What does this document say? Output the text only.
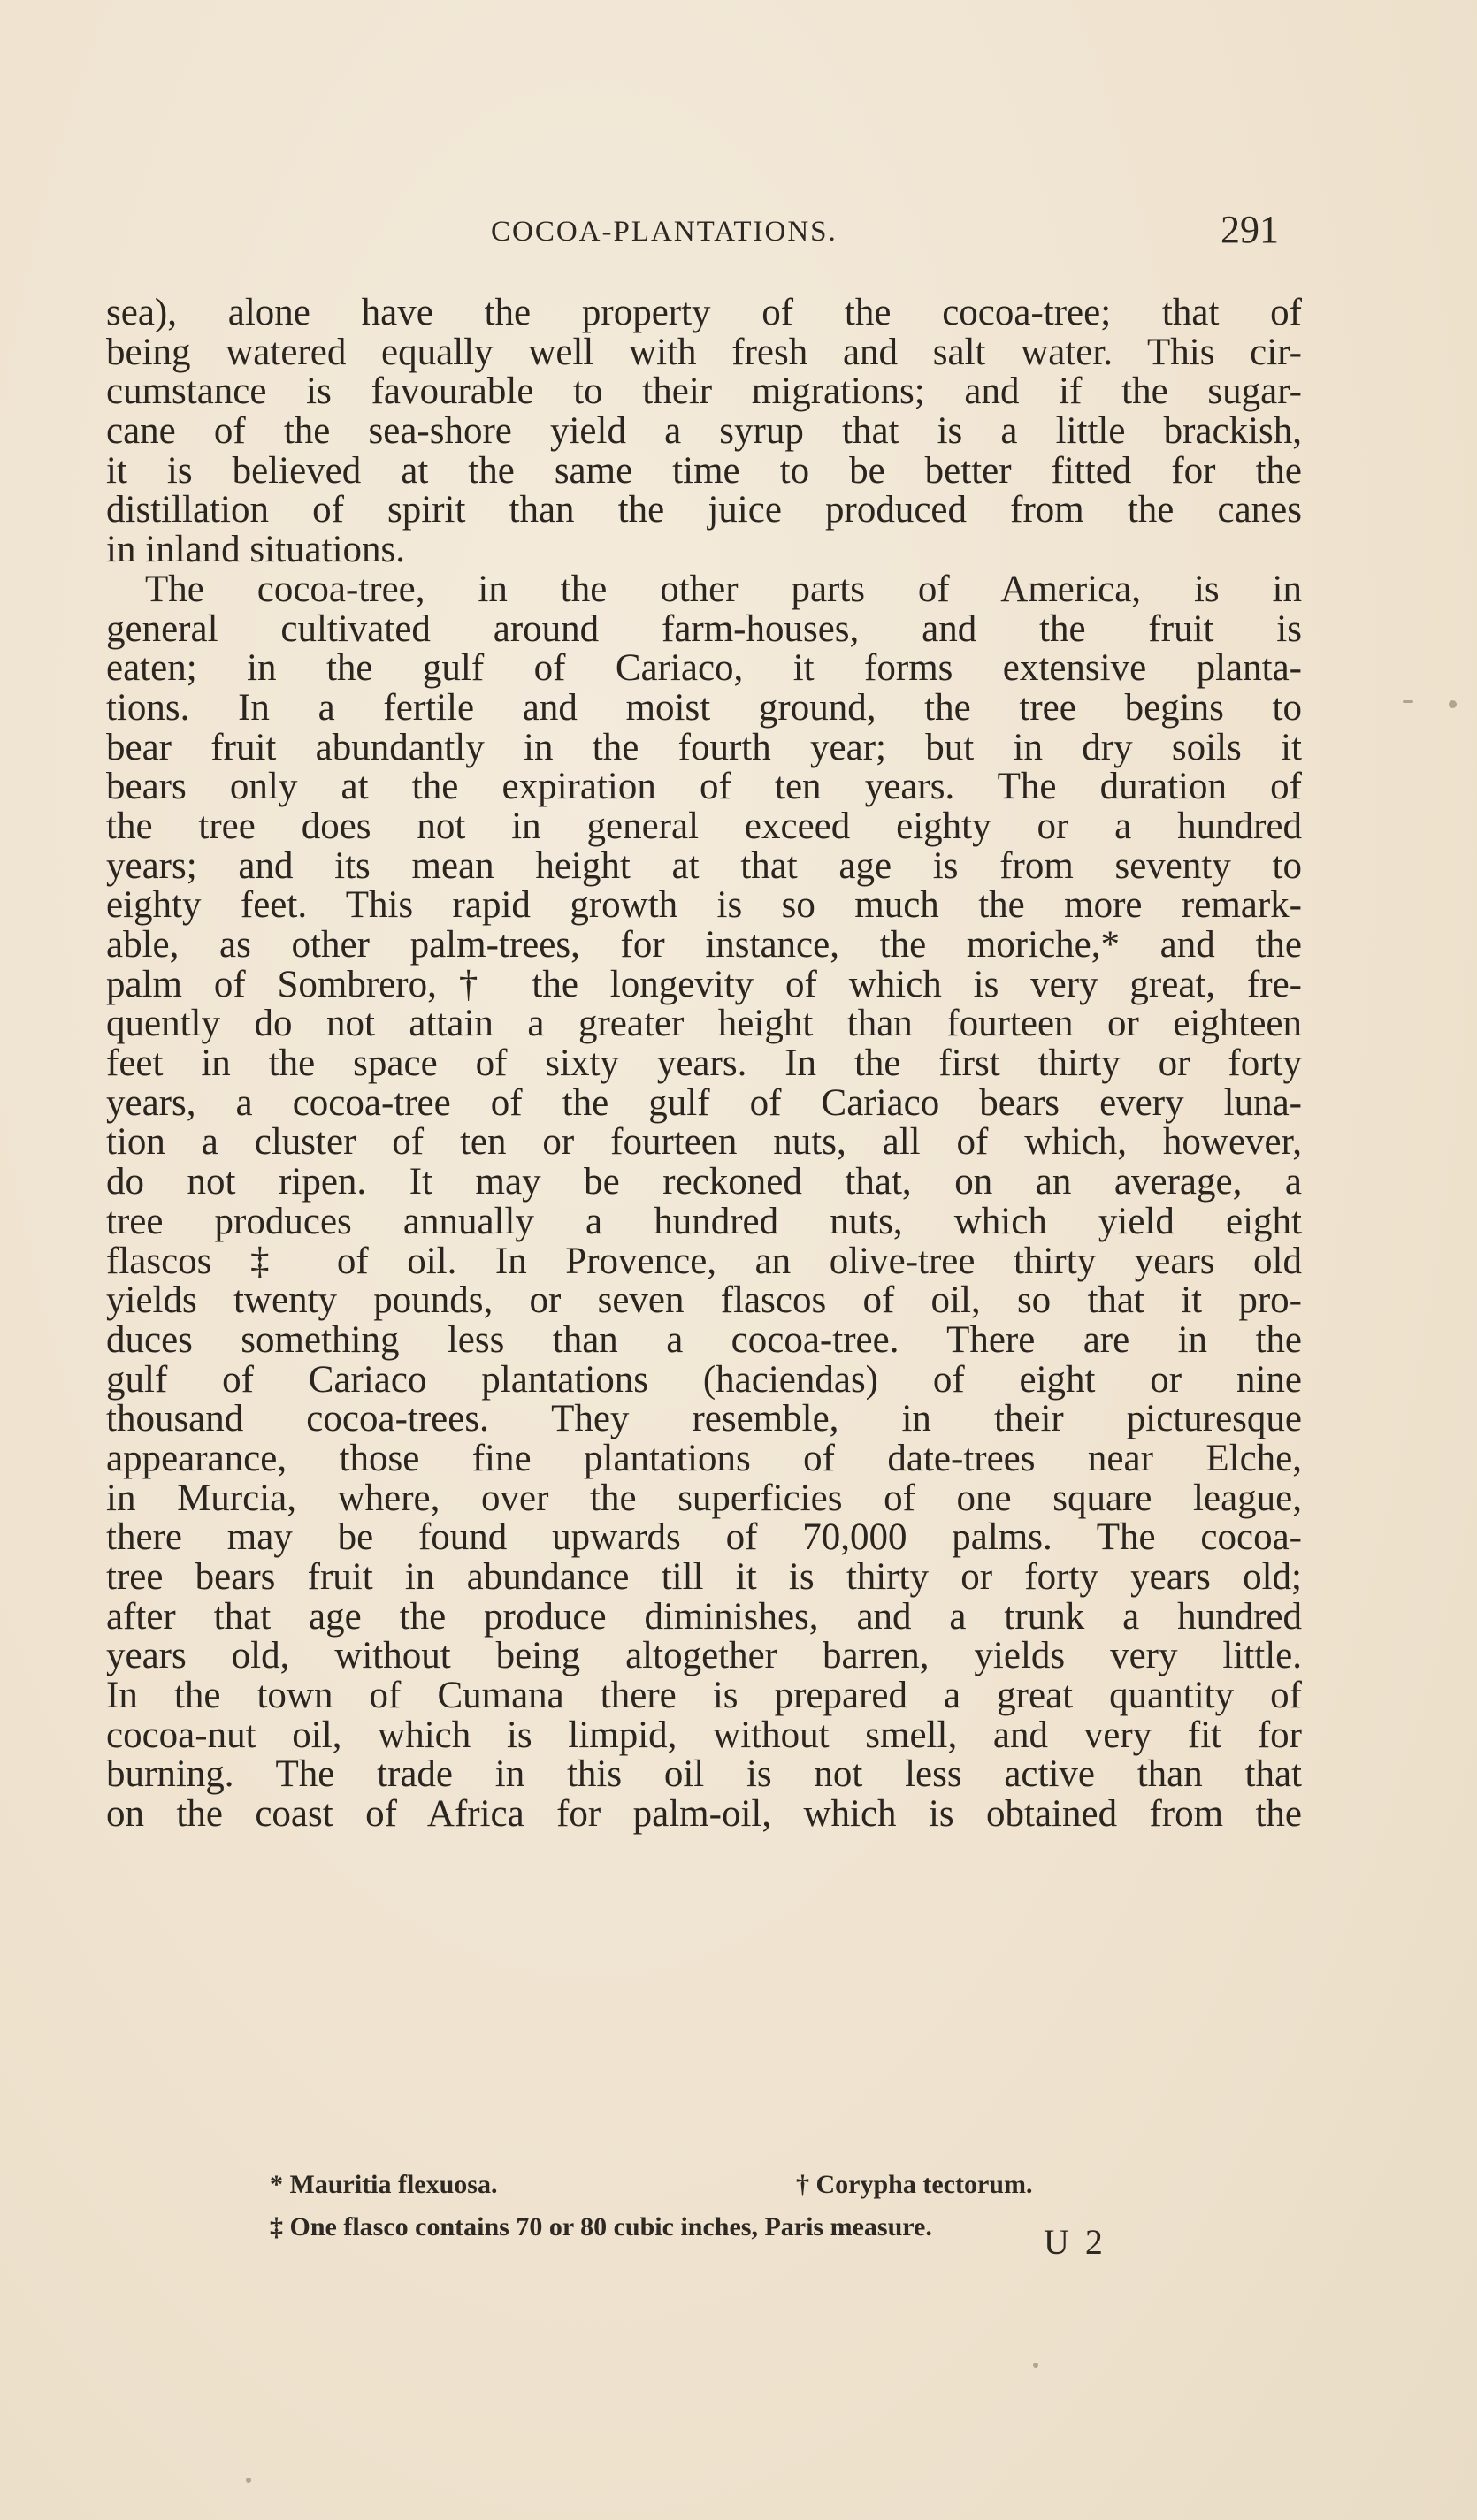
COCOA-PLANTATIONS.	291
sea), alone have the property of the cocoa-tree; that of
being watered equally well with fresh and salt water. This cir-
cumstance is favourable to their migrations; and if the sugar-
cane of the sea-shore yield a syrup that is a little brackish,
it is believed at the same time to be better fitted for the
distillation of spirit than the juice produced from the canes
in inland situations.
The cocoa-tree, in the other parts of America, is in
general cultivated around farm-houses, and the fruit is
eaten; in the gulf of Cariaco, it forms extensive planta-
tions. In a fertile and moist ground, the tree begins to
bear fruit abundantly in the fourth year; but in dry soils it
bears only at the expiration of ten years. The duration of
the tree does not in general exceed eighty or a hundred
years; and its mean height at that age is from seventy to
eighty feet. This rapid growth is so much the more remark-
able, as other palm-trees, for instance, the moriche,* and the
palm of Sombrero,† the longevity of which is very great, fre-
quently do not attain a greater height than fourteen or eighteen
feet in the space of sixty years. In the first thirty or forty
years, a cocoa-tree of the gulf of Cariaco bears every luna-
tion a cluster of ten or fourteen nuts, all of which, however,
do not ripen. It may be reckoned that, on an average, a
tree produces annually a hundred nuts, which yield eight
flascos ‡ of oil. In Provence, an olive-tree thirty years old
yields twenty pounds, or seven flascos of oil, so that it pro-
duces something less than a cocoa-tree. There are in the
gulf of Cariaco plantations (haciendas) of eight or nine
thousand cocoa-trees. They resemble, in their picturesque
appearance, those fine plantations of date-trees near Elche,
in Murcia, where, over the superficies of one square league,
there may be found upwards of 70,000 palms. The cocoa-
tree bears fruit in abundance till it is thirty or forty years old;
after that age the produce diminishes, and a trunk a hundred
years old, without being altogether barren, yields very little.
In the town of Cumana there is prepared a great quantity of
cocoa-nut oil, which is limpid, without smell, and very fit for
burning. The trade in this oil is not less active than that
on the coast of Africa for palm-oil, which is obtained from the
* Mauritia flexuosa.	† Corypha tectorum.
‡ One flasco contains 70 or 80 cubic inches, Paris measure.	U 2
